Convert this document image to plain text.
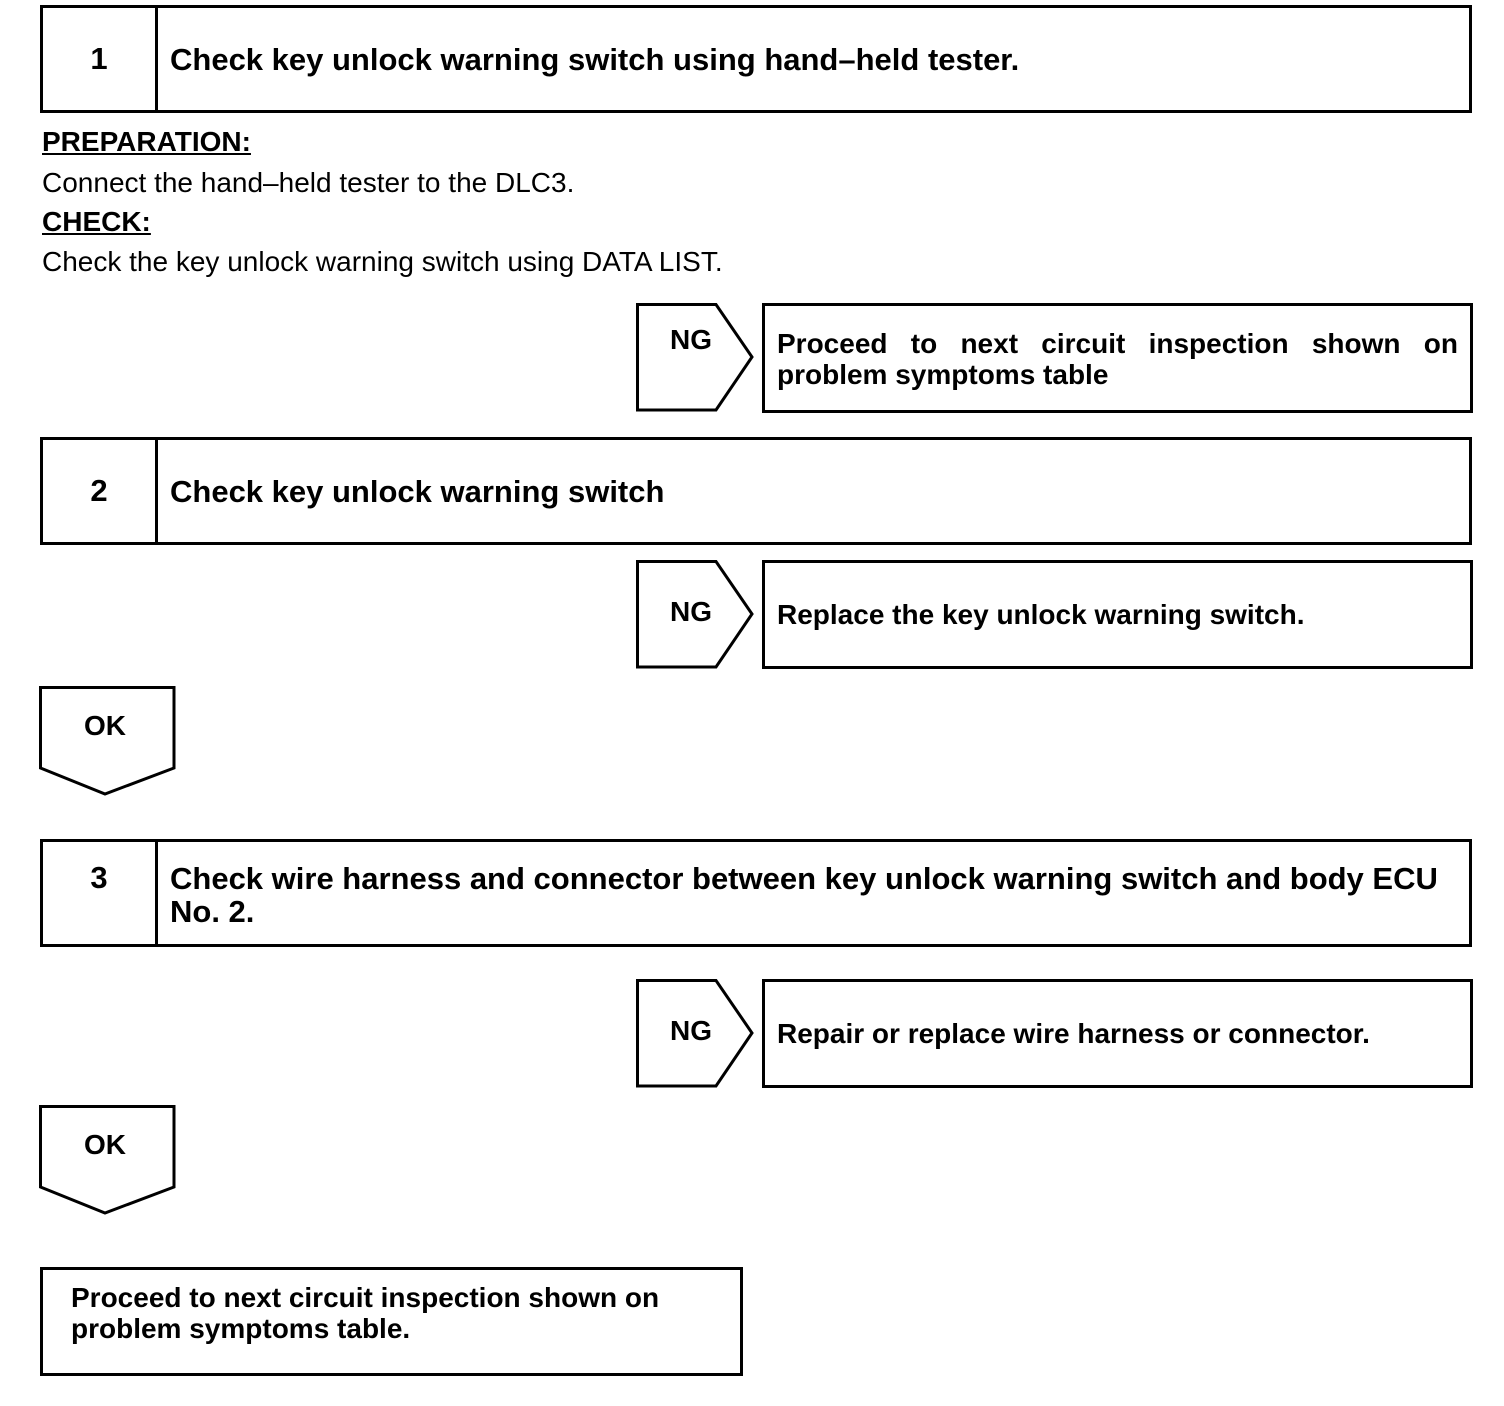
1	Check key unlock warning switch using hand–held tester.
PREPARATION:
Connect the hand–held tester to the DLC3.
CHECK:
Check the key unlock warning switch using DATA LIST.
NG	Proceed to next circuit inspection shown on problem symptoms table
2	Check key unlock warning switch
NG	Replace the key unlock warning switch.
OK
3	Check wire harness and connector between key unlock warning switch and body ECU No. 2.
NG	Repair or replace wire harness or connector.
OK
Proceed to next circuit inspection shown on problem symptoms table.
